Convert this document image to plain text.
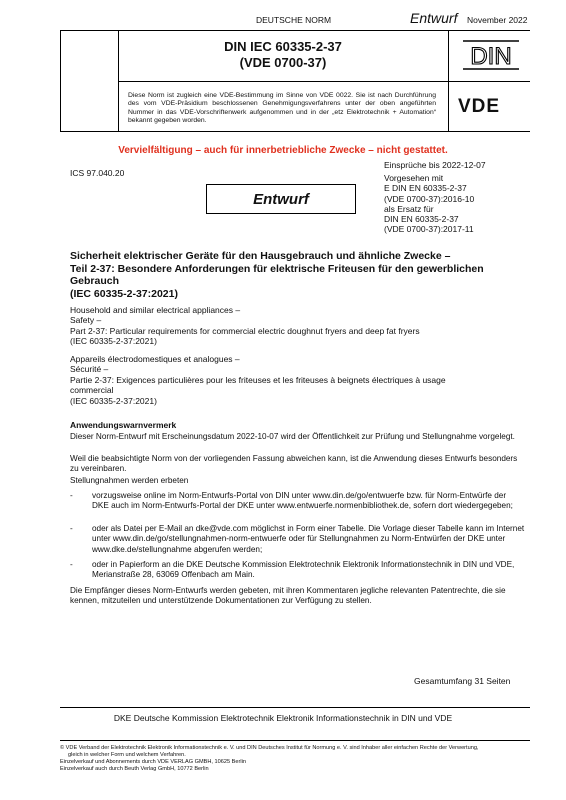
DEUTSCHE NORM	Entwurf November 2022
DIN IEC 60335-2-37
(VDE 0700-37)
Diese Norm ist zugleich eine VDE-Bestimmung im Sinne von VDE 0022. Sie ist nach Durchführung des vom VDE-Präsidium beschlossenen Genehmigungsverfahrens unter der oben angeführten Nummer in das VDE-Vorschriftenwerk aufgenommen und in der „etz Elektrotechnik + Automation“ bekannt gegeben worden.
DIN
VDE
Vervielfältigung – auch für innerbetriebliche Zwecke – nicht gestattet.
Einsprüche bis 2022-12-07
ICS 97.040.20	Vorgesehen mit
E DIN EN 60335-2-37
(VDE 0700-37):2016-10
als Ersatz für
DIN EN 60335-2-37
(VDE 0700-37):2017-11
Entwurf
Sicherheit elektrischer Geräte für den Hausgebrauch und ähnliche Zwecke –
Teil 2-37: Besondere Anforderungen für elektrische Friteusen für den gewerblichen
Gebrauch
(IEC 60335-2-37:2021)
Household and similar electrical appliances –
Safety –
Part 2-37: Particular requirements for commercial electric doughnut fryers and deep fat fryers
(IEC 60335-2-37:2021)
Appareils électrodomestiques et analogues –
Sécurité –
Partie 2-37: Exigences particulières pour les friteuses et les friteuses à beignets électriques à usage
commercial
(IEC 60335-2-37:2021)
Anwendungswarnvermerk
Dieser Norm-Entwurf mit Erscheinungsdatum 2022-10-07 wird der Öffentlichkeit zur Prüfung und Stellungnahme vorgelegt.
Weil die beabsichtigte Norm von der vorliegenden Fassung abweichen kann, ist die Anwendung dieses Entwurfs besonders zu vereinbaren.
Stellungnahmen werden erbeten
- vorzugsweise online im Norm-Entwurfs-Portal von DIN unter www.din.de/go/entwuerfe bzw. für Norm-Entwürfe der DKE auch im Norm-Entwurfs-Portal der DKE unter www.entwuerfe.normenbibliothek.de, sofern dort wiedergegeben;
- oder als Datei per E-Mail an dke@vde.com möglichst in Form einer Tabelle. Die Vorlage dieser Tabelle kann im Internet unter www.din.de/go/stellungnahmen-norm-entwuerfe oder für Stellungnahmen zu Norm-Entwürfen der DKE unter www.dke.de/stellungnahme abgerufen werden;
- oder in Papierform an die DKE Deutsche Kommission Elektrotechnik Elektronik Informationstechnik in DIN und VDE, Merianstraße 28, 63069 Offenbach am Main.
Die Empfänger dieses Norm-Entwurfs werden gebeten, mit ihren Kommentaren jegliche relevanten Patentrechte, die sie kennen, mitzuteilen und unterstützende Dokumentationen zur Verfügung zu stellen.
Gesamtumfang 31 Seiten
DKE Deutsche Kommission Elektrotechnik Elektronik Informationstechnik in DIN und VDE
© VDE Verband der Elektrotechnik Elektronik Informationstechnik e. V. und DIN Deutsches Institut für Normung e. V. sind Inhaber aller einfachen Rechte der Verwertung,
gleich in welcher Form und welchem Verfahren.
Einzelverkauf und Abonnements durch VDE VERLAG GMBH, 10625 Berlin
Einzelverkauf auch durch Beuth Verlag GmbH, 10772 Berlin
